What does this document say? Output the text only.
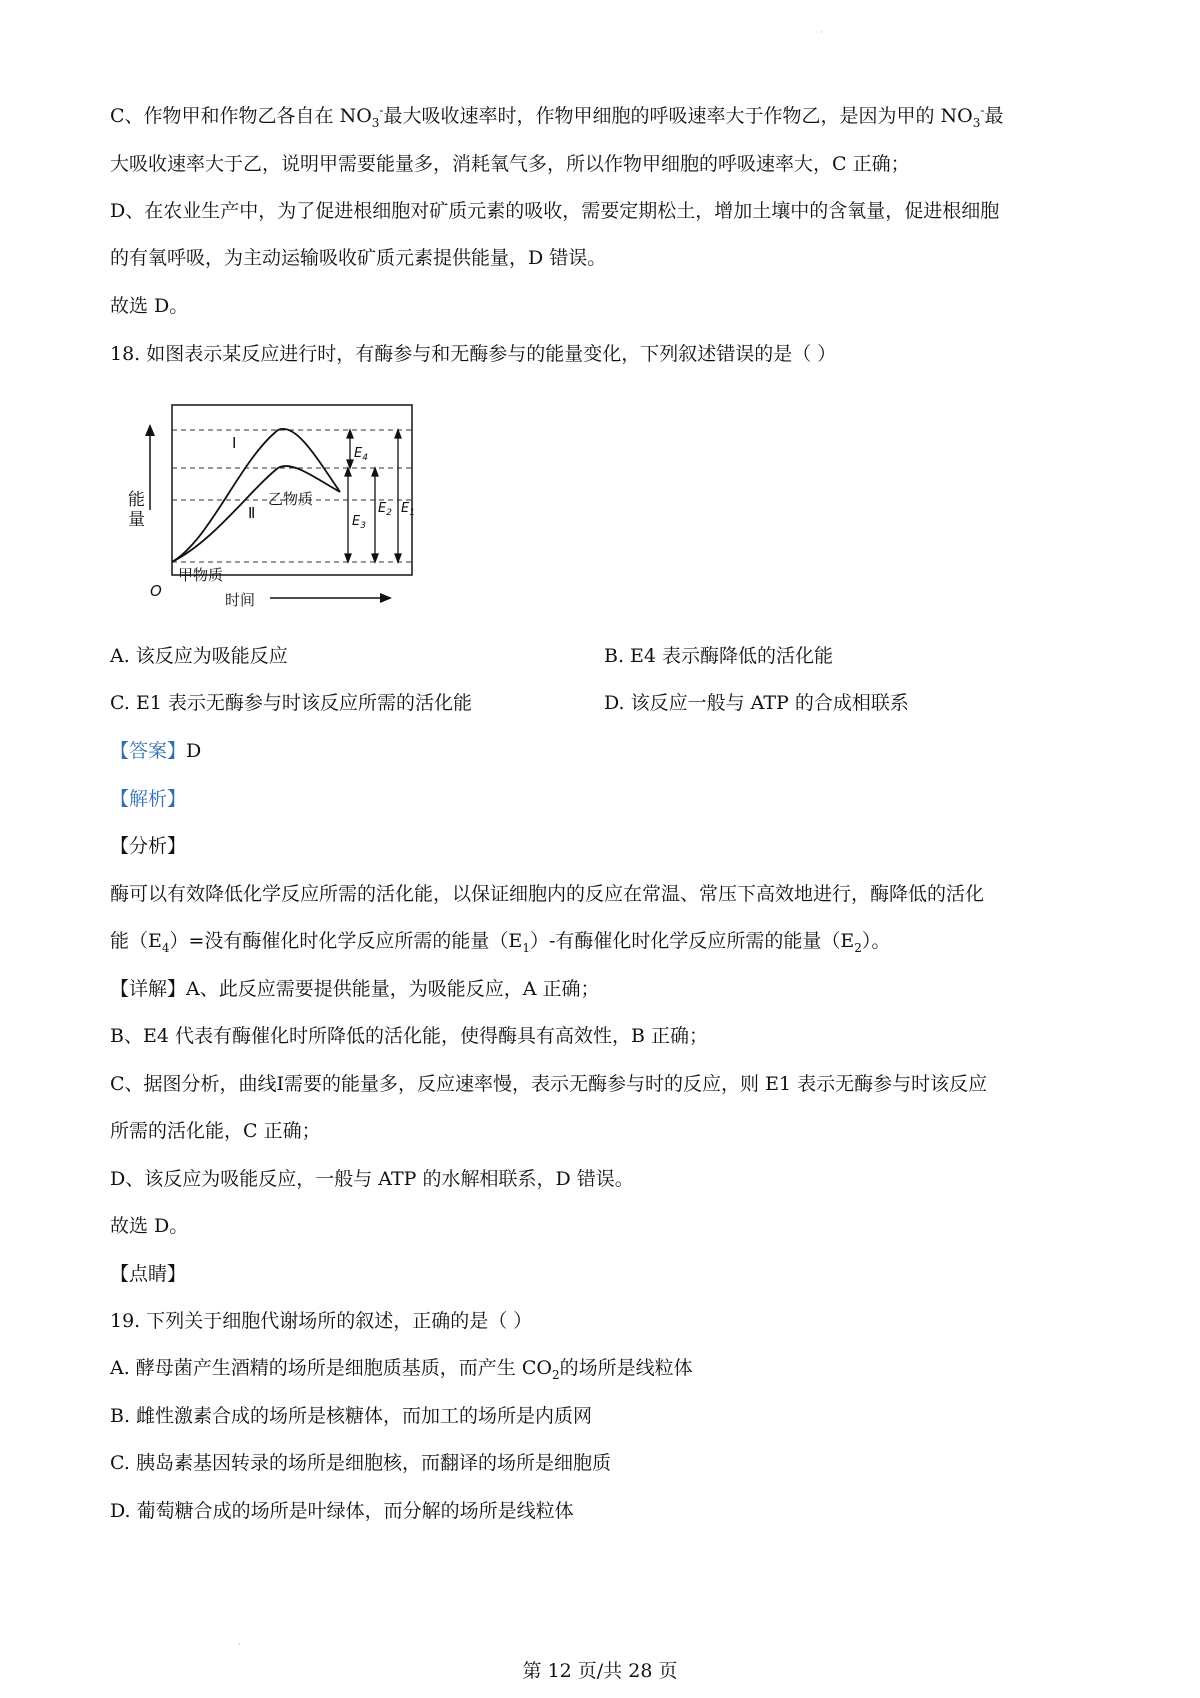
·
·
C、作物甲和作物乙各自在 $NO_3^-$最大吸收速率时，作物甲细胞的呼吸速率大于作物乙，是因为甲的 $NO_3^-$最
大吸收速率大于乙，说明甲需要能量多，消耗氧气多，所以作物甲细胞的呼吸速率大，C 正确；
D、在农业生产中，为了促进根细胞对矿质元素的吸收，需要定期松土，增加土壤中的含氧量，促进根细胞
的有氧呼吸，为主动运输吸收矿质元素提供能量，D 错误。
故选 D。
18. 如图表示某反应进行时，有酶参与和无酶参与的能量变化，下列叙述错误的是（ ）
能量
Ⅰ
Ⅱ
乙物质
甲物质
O	时间
$E_4$
$E_3$
$E_2$ $E_1$
A. 该反应为吸能反应	B. E4 表示酶降低的活化能
C. E1 表示无酶参与时该反应所需的活化能	D. 该反应一般与 ATP 的合成相联系
【答案】D
【解析】
【分析】
酶可以有效降低化学反应所需的活化能，以保证细胞内的反应在常温、常压下高效地进行，酶降低的活化
能$(E_4)=$没有酶催化时化学反应所需的能量$(E_1)-$有酶催化时化学反应所需的能量$(E_2)$。
【详解】A、此反应需要提供能量，为吸能反应，A 正确；
B、E4 代表有酶催化时所降低的活化能，使得酶具有高效性，B 正确；
C、据图分析，曲线Ⅰ需要的能量多，反应速率慢，表示无酶参与时的反应，则 E1 表示无酶参与时该反应
所需的活化能，C 正确；
D、该反应为吸能反应，一般与 ATP 的水解相联系，D 错误。
故选 D。
【点睛】
19. 下列关于细胞代谢场所的叙述，正确的是（ ）
A. 酵母菌产生酒精的场所是细胞质基质，而产生 $CO_2$的场所是线粒体
B. 雌性激素合成的场所是核糖体，而加工的场所是内质网
C. 胰岛素基因转录的场所是细胞核，而翻译的场所是细胞质
D. 葡萄糖合成的场所是叶绿体，而分解的场所是线粒体
第 12 页/共 28 页
